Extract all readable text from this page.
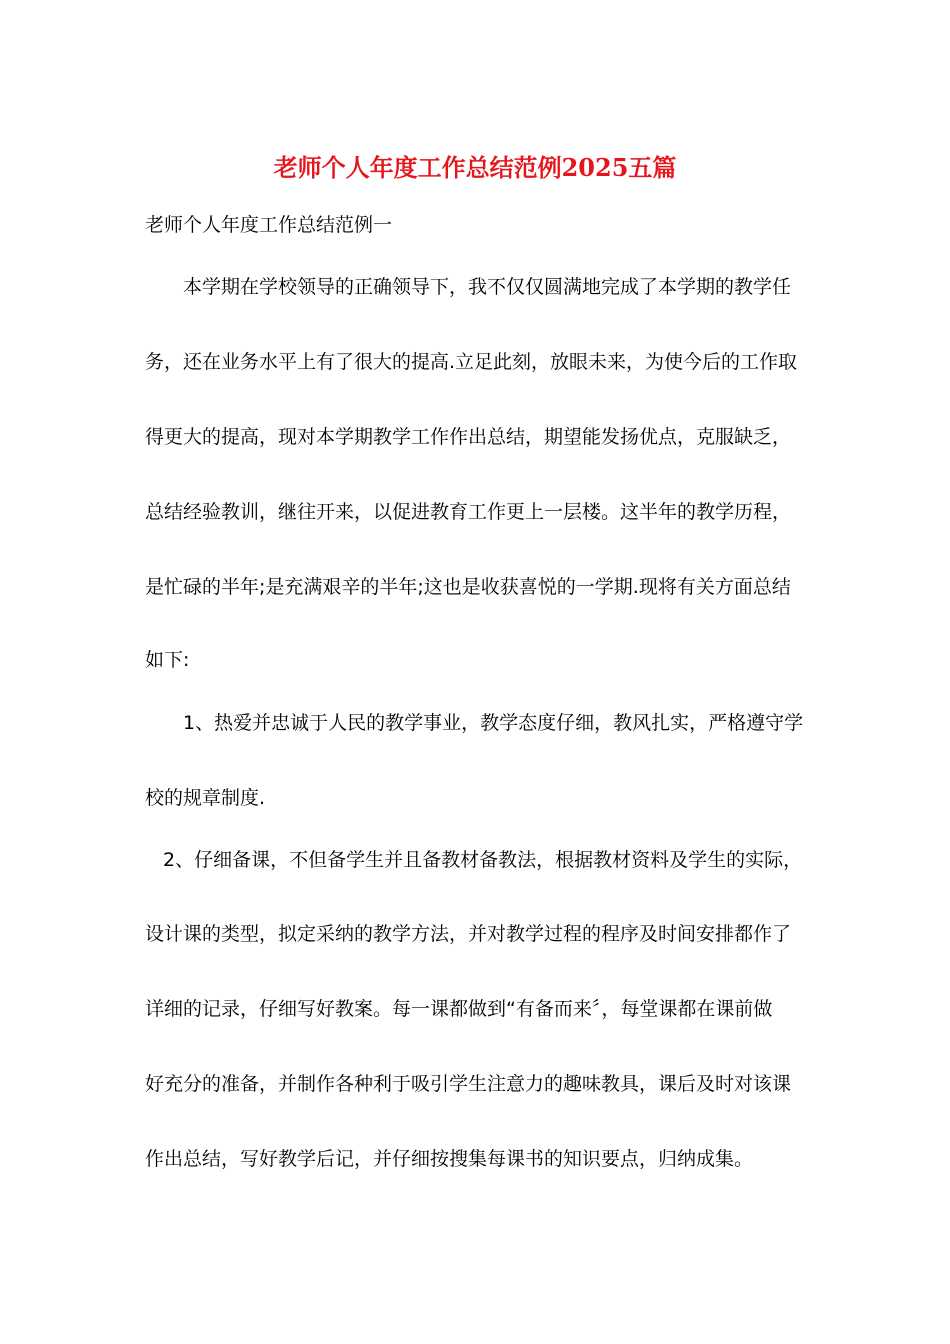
老师个人年度工作总结范例2025五篇

老师个人年度工作总结范例一

本学期在学校领导的正确领导下，我不仅仅圆满地完成了本学期的教学任

务，还在业务水平上有了很大的提高.立足此刻，放眼未来，为使今后的工作取

得更大的提高，现对本学期教学工作作出总结，期望能发扬优点，克服缺乏，

总结经验教训，继往开来，以促进教育工作更上一层楼。这半年的教学历程，

是忙碌的半年;是充满艰辛的半年;这也是收获喜悦的一学期.现将有关方面总结

如下:

1、热爱并忠诚于人民的教学事业，教学态度仔细，教风扎实，严格遵守学

校的规章制度.

2、仔细备课，不但备学生并且备教材备教法，根据教材资料及学生的实际，

设计课的类型，拟定采纳的教学方法，并对教学过程的程序及时间安排都作了

详细的记录，仔细写好教案。每一课都做到“有备而来〞，每堂课都在课前做

好充分的准备，并制作各种利于吸引学生注意力的趣味教具，课后及时对该课

作出总结，写好教学后记，并仔细按搜集每课书的知识要点，归纳成集。
